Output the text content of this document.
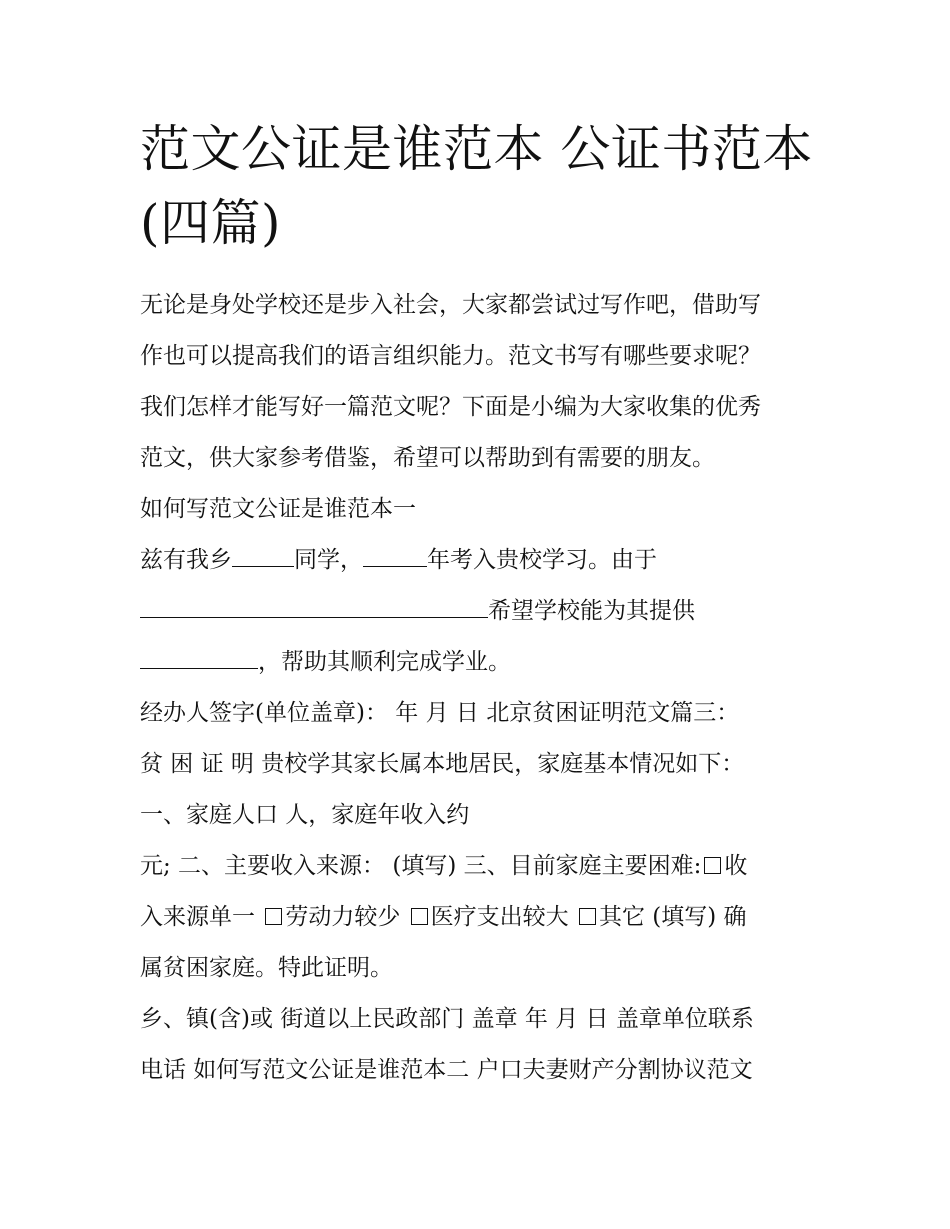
范文公证是谁范本 公证书范本
(四篇)

无论是身处学校还是步入社会，大家都尝试过写作吧，借助写

作也可以提高我们的语言组织能力。范文书写有哪些要求呢？

我们怎样才能写好一篇范文呢？下面是小编为大家收集的优秀

范文，供大家参考借鉴，希望可以帮助到有需要的朋友。

如何写范文公证是谁范本一

兹有我乡	同学，	年考入贵校学习。由于

希望学校能为其提供

，帮助其顺利完成学业。

经办人签字(单位盖章)： 年 月 日 北京贫困证明范文篇三：

贫 困 证 明 贵校学其家长属本地居民，家庭基本情况如下：

一、家庭人口 人，家庭年收入约

元; 二、主要收入来源： (填写) 三、目前家庭主要困难: 收

入来源单一 劳动力较少 医疗支出较大 其它 (填写) 确

属贫困家庭。特此证明。

乡、镇(含)或 街道以上民政部门 盖章 年 月 日 盖章单位联系

电话 如何写范文公证是谁范本二 户口夫妻财产分割协议范文
